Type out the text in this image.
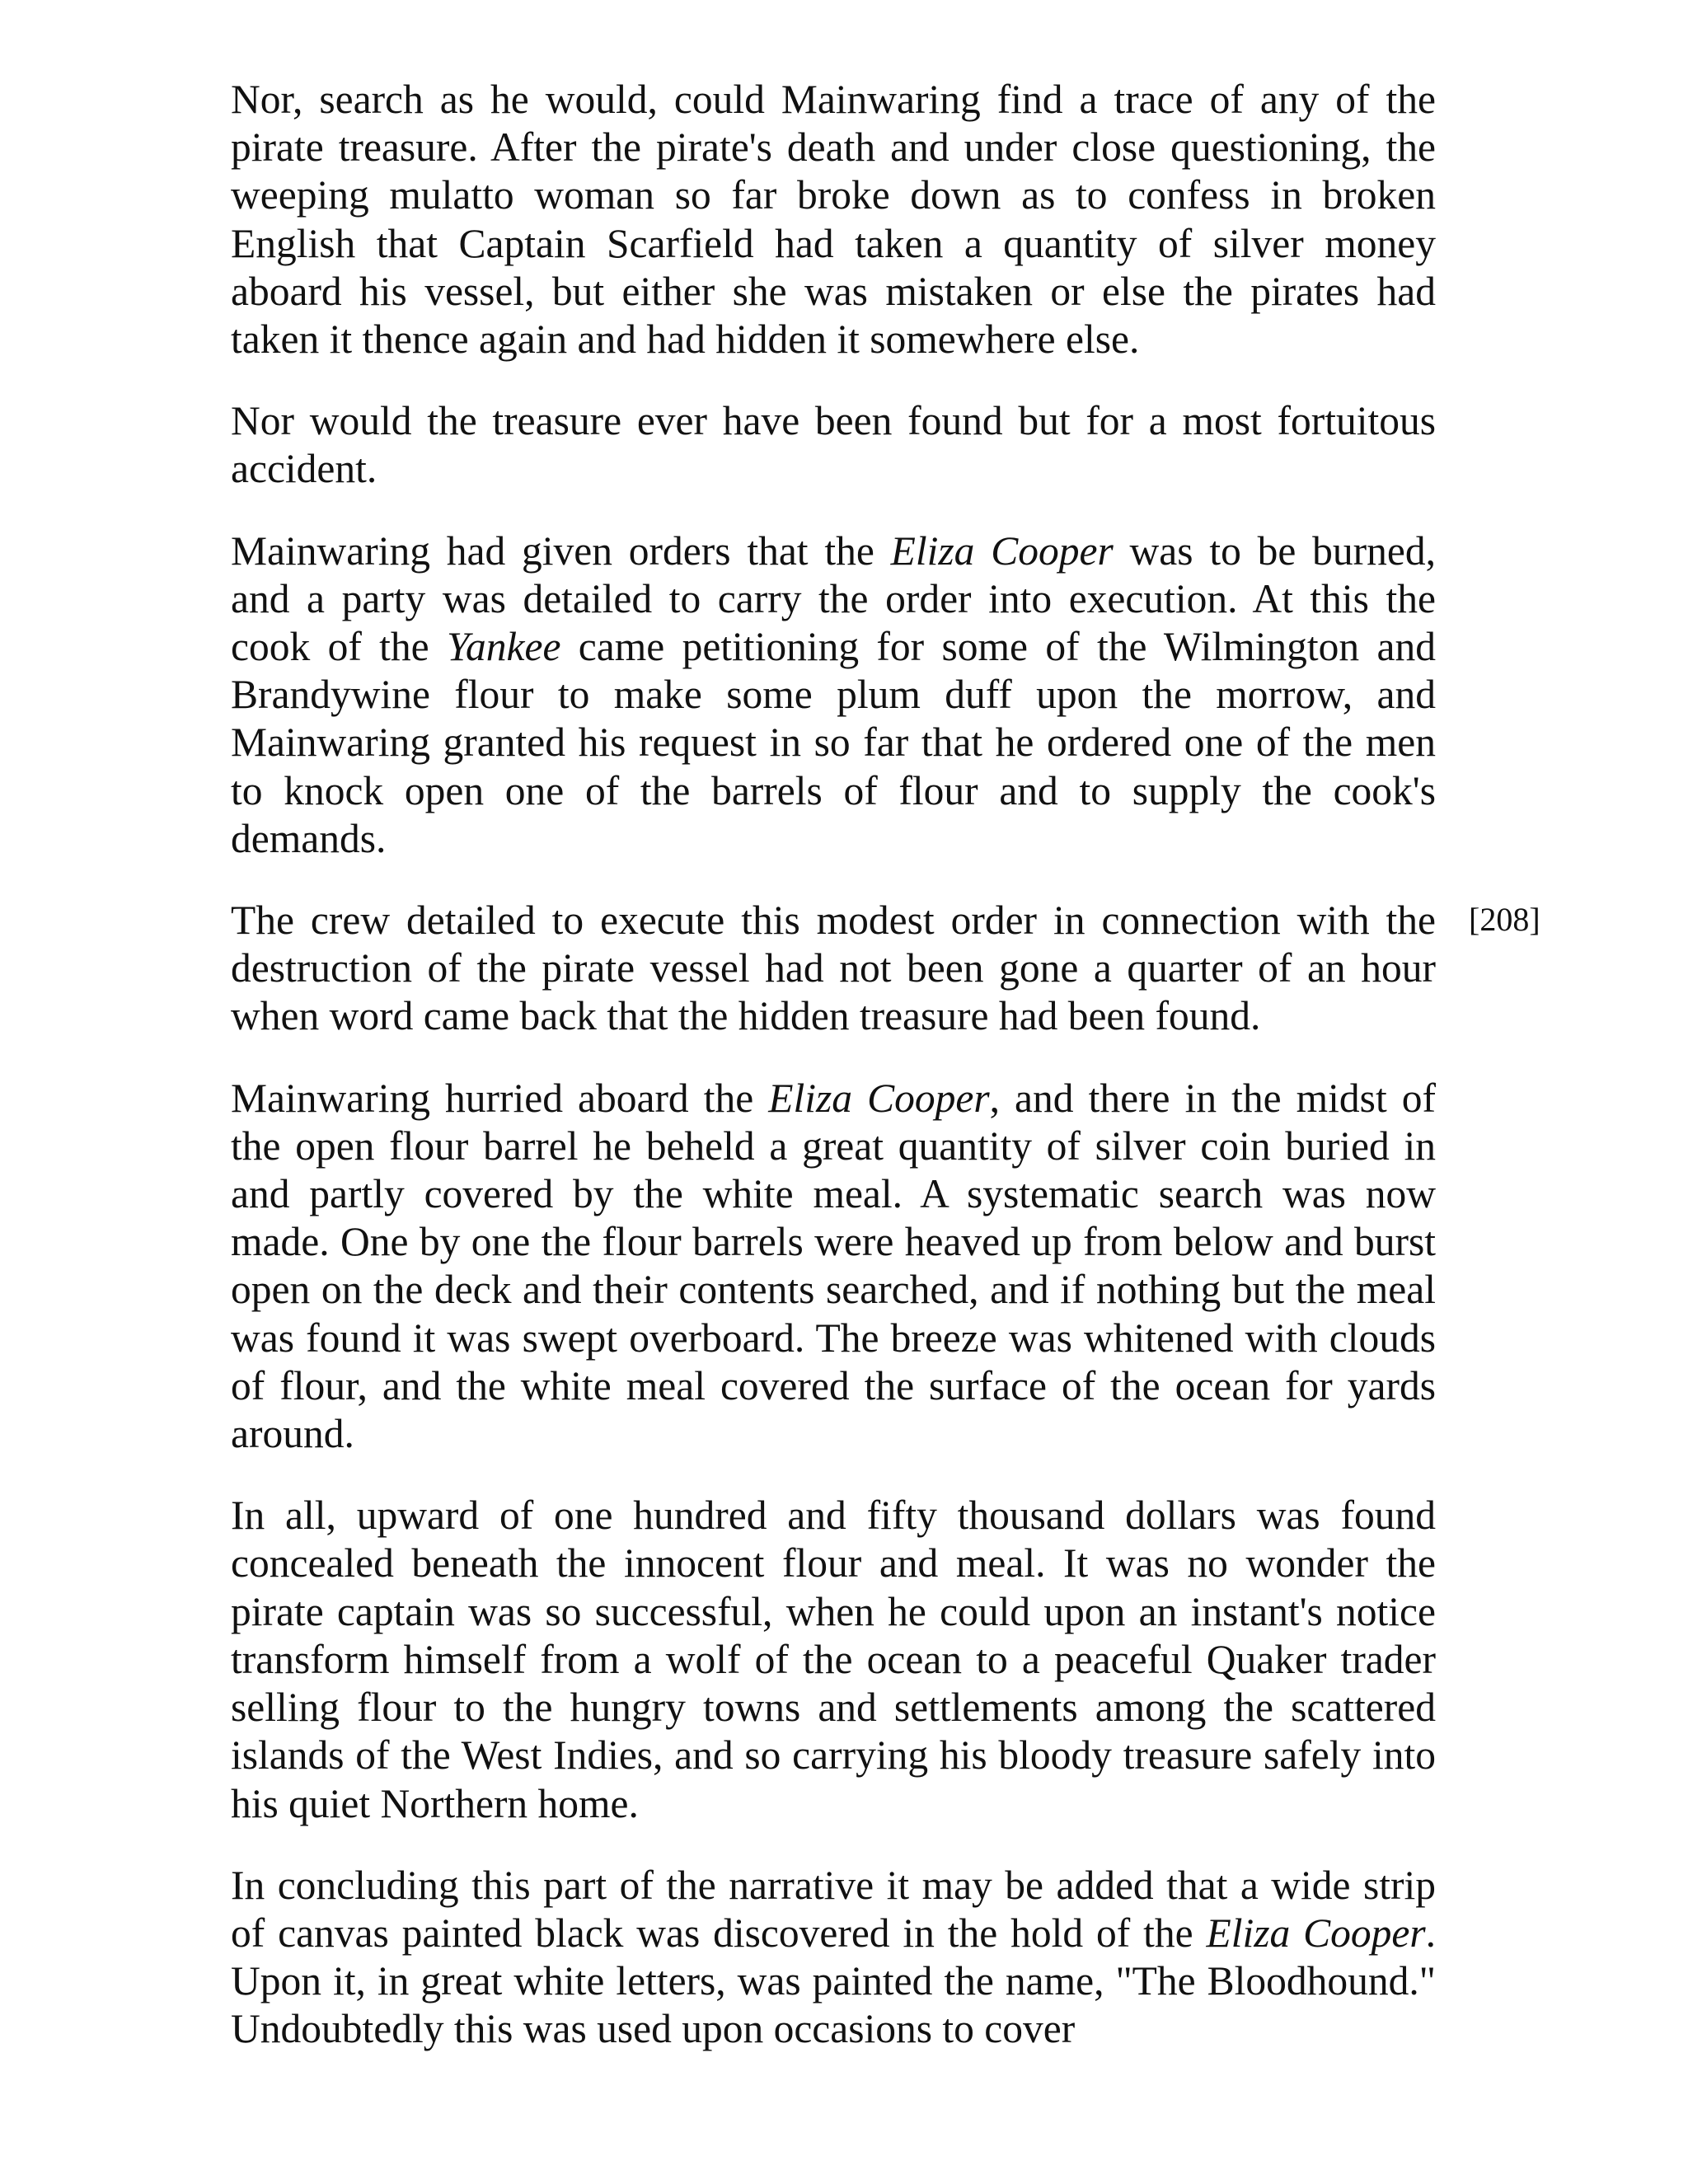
Nor, search as he would, could Mainwaring find a trace of any of the pirate treasure. After the pirate's death and under close questioning, the weeping mulatto woman so far broke down as to confess in broken English that Captain Scarfield had taken a quantity of silver money aboard his vessel, but either she was mistaken or else the pirates had taken it thence again and had hidden it somewhere else.

Nor would the treasure ever have been found but for a most fortuitous accident.

Mainwaring had given orders that the Eliza Cooper was to be burned, and a party was detailed to carry the order into execution. At this the cook of the Yankee came petitioning for some of the Wilmington and Brandywine flour to make some plum duff upon the morrow, and Mainwaring granted his request in so far that he ordered one of the men to knock open one of the barrels of flour and to supply the cook's demands.

The crew detailed to execute this modest order in connection with the destruction of the pirate vessel had not been gone a quarter of an hour when word came back that the hidden treasure had been found.

Mainwaring hurried aboard the Eliza Cooper, and there in the midst of the open flour barrel he beheld a great quantity of silver coin buried in and partly covered by the white meal. A systematic search was now made. One by one the flour barrels were heaved up from below and burst open on the deck and their contents searched, and if nothing but the meal was found it was swept overboard. The breeze was whitened with clouds of flour, and the white meal covered the surface of the ocean for yards around.

In all, upward of one hundred and fifty thousand dollars was found concealed beneath the innocent flour and meal. It was no wonder the pirate captain was so successful, when he could upon an instant's notice transform himself from a wolf of the ocean to a peaceful Quaker trader selling flour to the hungry towns and settlements among the scattered islands of the West Indies, and so carrying his bloody treasure safely into his quiet Northern home.

In concluding this part of the narrative it may be added that a wide strip of canvas painted black was discovered in the hold of the Eliza Cooper. Upon it, in great white letters, was painted the name, "The Bloodhound." Undoubtedly this was used upon occasions to cover

[208]
